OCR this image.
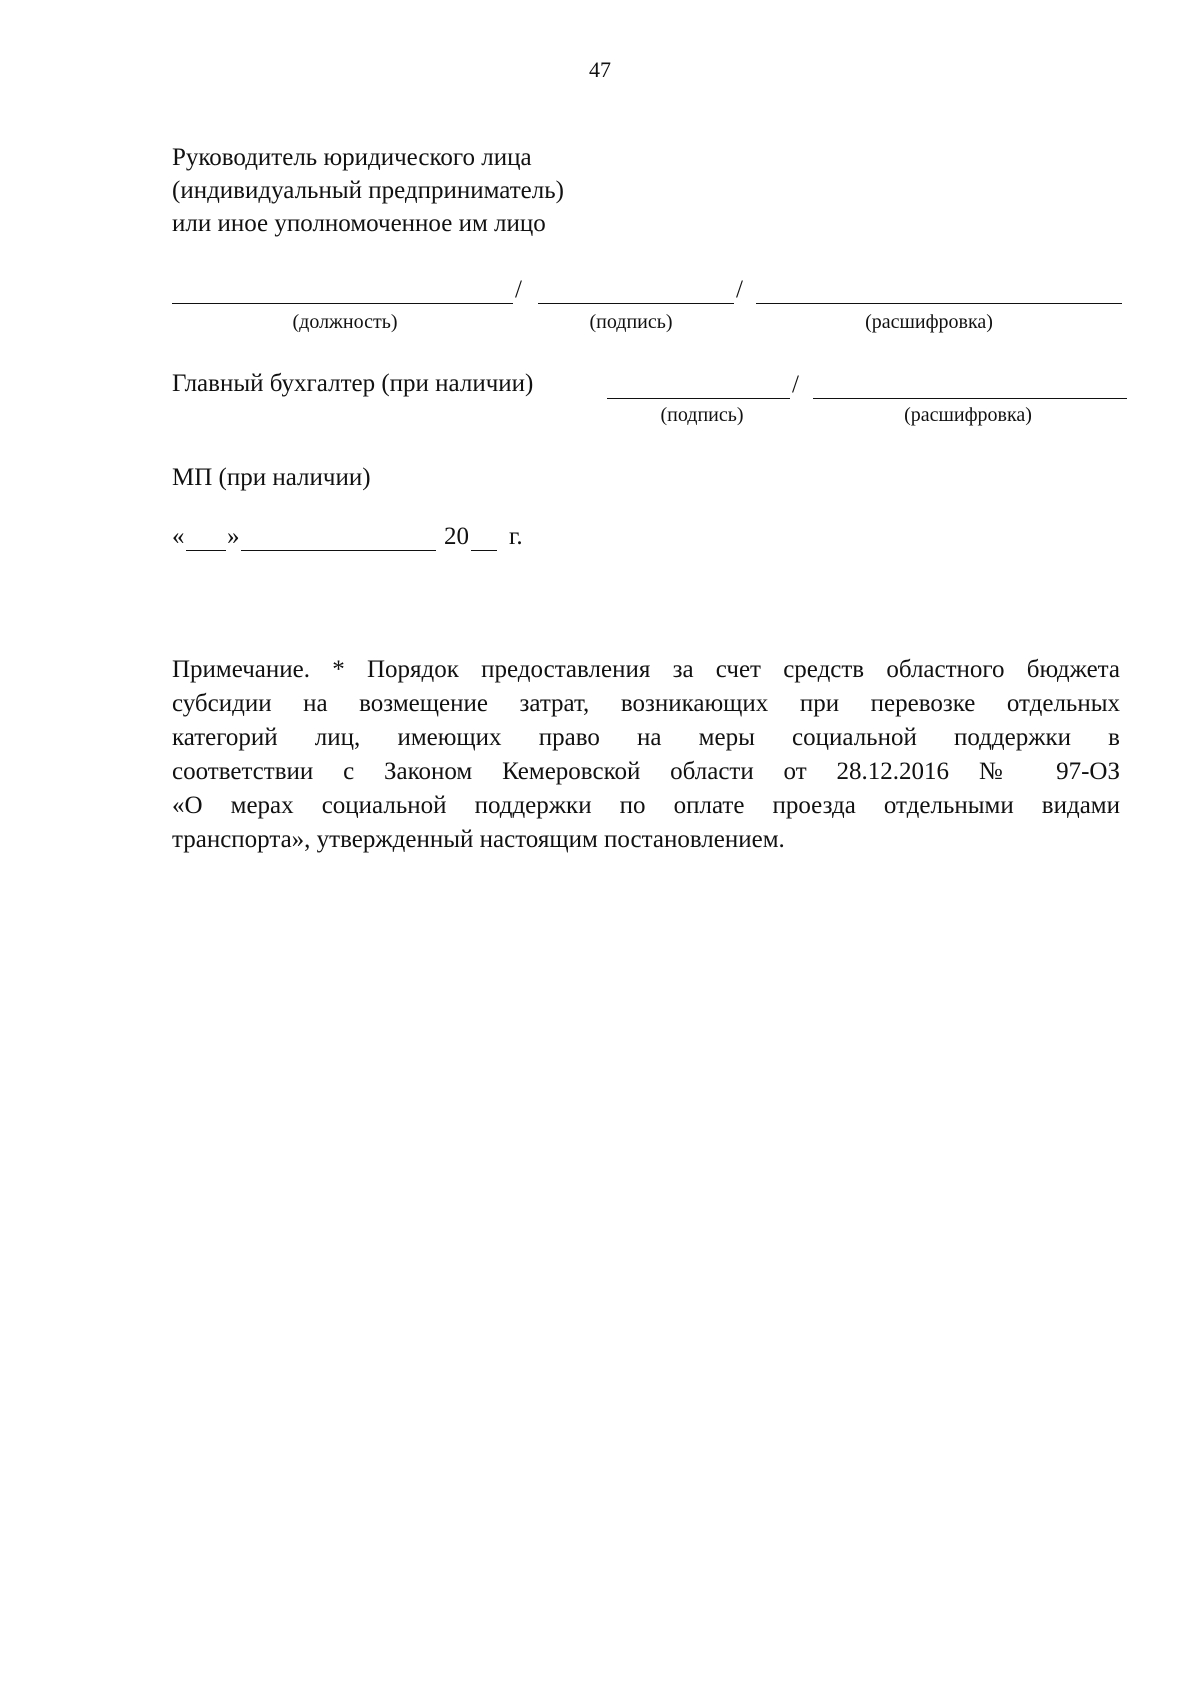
47
Руководитель юридического лица
(индивидуальный предприниматель)
или иное уполномоченное им лицо
/	/
(должность)	(подпись)	(расшифровка)
Главный бухгалтер (при наличии)	/
(подпись)	(расшифровка)
МП (при наличии)
« »	20 г.
Примечание. * Порядок предоставления за счет средств областного бюджета
субсидии на возмещение затрат, возникающих при перевозке отдельных
категорий лиц, имеющих право на меры социальной поддержки в
соответствии с Законом Кемеровской области от 28.12.2016 № 97-ОЗ
«О мерах социальной поддержки по оплате проезда отдельными видами
транспорта», утвержденный настоящим постановлением.
